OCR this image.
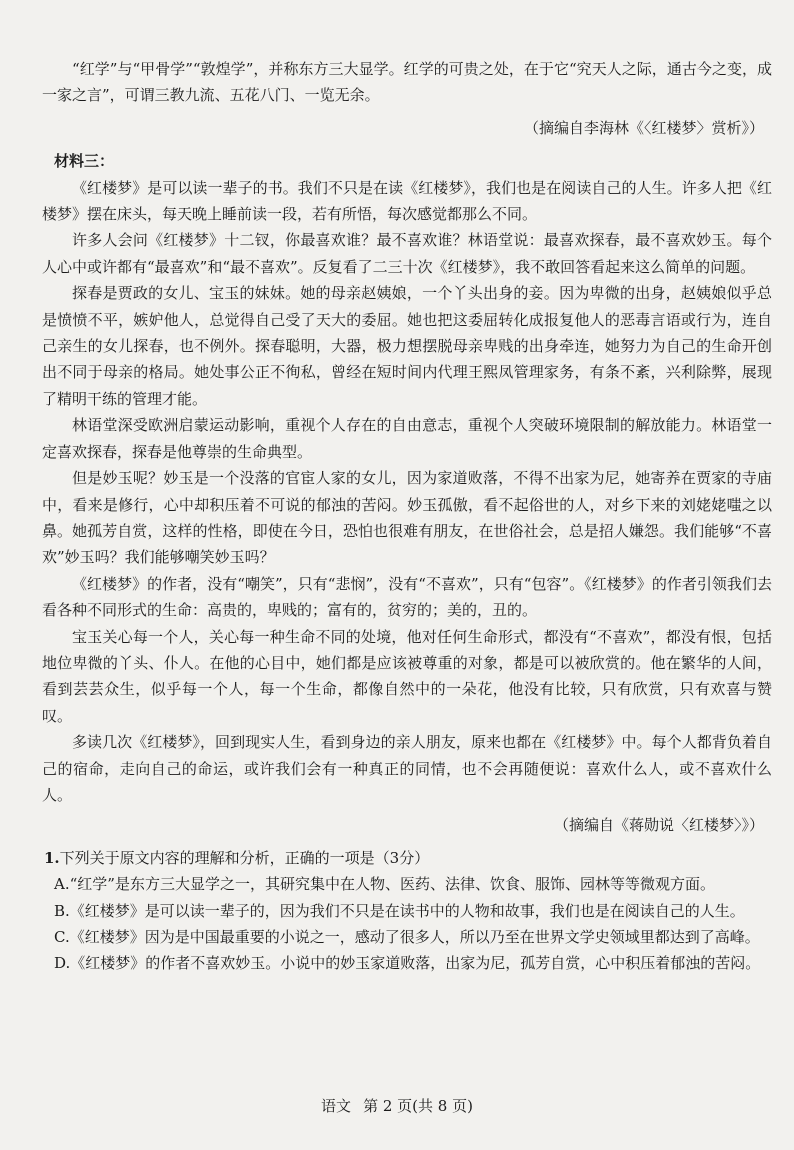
“红学”与“甲骨学”“敦煌学”，并称东方三大显学。红学的可贵之处，在于它“究天人之际，通古今之变，成一家之言”，可谓三教九流、五花八门、一览无余。

（摘编自李海林《〈红楼梦〉赏析》）

材料三：

《红楼梦》是可以读一辈子的书。我们不只是在读《红楼梦》，我们也是在阅读自己的人生。许多人把《红楼梦》摆在床头，每天晚上睡前读一段，若有所悟，每次感觉都那么不同。

许多人会问《红楼梦》十二钗，你最喜欢谁？最不喜欢谁？林语堂说：最喜欢探春，最不喜欢妙玉。每个人心中或许都有“最喜欢”和“最不喜欢”。反复看了二三十次《红楼梦》，我不敢回答看起来这么简单的问题。

探春是贾政的女儿、宝玉的妹妹。她的母亲赵姨娘，一个丫头出身的妾。因为卑微的出身，赵姨娘似乎总是愤愤不平，嫉妒他人，总觉得自己受了天大的委屈。她也把这委屈转化成报复他人的恶毒言语或行为，连自己亲生的女儿探春，也不例外。探春聪明，大器，极力想摆脱母亲卑贱的出身牵连，她努力为自己的生命开创出不同于母亲的格局。她处事公正不徇私，曾经在短时间内代理王熙凤管理家务，有条不紊，兴利除弊，展现了精明干练的管理才能。

林语堂深受欧洲启蒙运动影响，重视个人存在的自由意志，重视个人突破环境限制的解放能力。林语堂一定喜欢探春，探春是他尊崇的生命典型。

但是妙玉呢？妙玉是一个没落的官宦人家的女儿，因为家道败落，不得不出家为尼，她寄养在贾家的寺庙中，看来是修行，心中却积压着不可说的郁浊的苦闷。妙玉孤傲，看不起俗世的人，对乡下来的刘姥姥嗤之以鼻。她孤芳自赏，这样的性格，即使在今日，恐怕也很难有朋友，在世俗社会，总是招人嫌怨。我们能够“不喜欢”妙玉吗？我们能够嘲笑妙玉吗？

《红楼梦》的作者，没有“嘲笑”，只有“悲悯”，没有“不喜欢”，只有“包容”。《红楼梦》的作者引领我们去看各种不同形式的生命：高贵的，卑贱的；富有的，贫穷的；美的，丑的。

宝玉关心每一个人，关心每一种生命不同的处境，他对任何生命形式，都没有“不喜欢”，都没有恨，包括地位卑微的丫头、仆人。在他的心目中，她们都是应该被尊重的对象，都是可以被欣赏的。他在繁华的人间，看到芸芸众生，似乎每一个人，每一个生命，都像自然中的一朵花，他没有比较，只有欣赏，只有欢喜与赞叹。

多读几次《红楼梦》，回到现实人生，看到身边的亲人朋友，原来也都在《红楼梦》中。每个人都背负着自己的宿命，走向自己的命运，或许我们会有一种真正的同情，也不会再随便说：喜欢什么人，或不喜欢什么人。

（摘编自《蒋勋说〈红楼梦〉》）

1.下列关于原文内容的理解和分析，正确的一项是（3分）

A.“红学”是东方三大显学之一，其研究集中在人物、医药、法律、饮食、服饰、园林等等微观方面。

B.《红楼梦》是可以读一辈子的，因为我们不只是在读书中的人物和故事，我们也是在阅读自己的人生。

C.《红楼梦》因为是中国最重要的小说之一，感动了很多人，所以乃至在世界文学史领域里都达到了高峰。

D.《红楼梦》的作者不喜欢妙玉。小说中的妙玉家道败落，出家为尼，孤芳自赏，心中积压着郁浊的苦闷。

语文 第 2 页(共 8 页)
